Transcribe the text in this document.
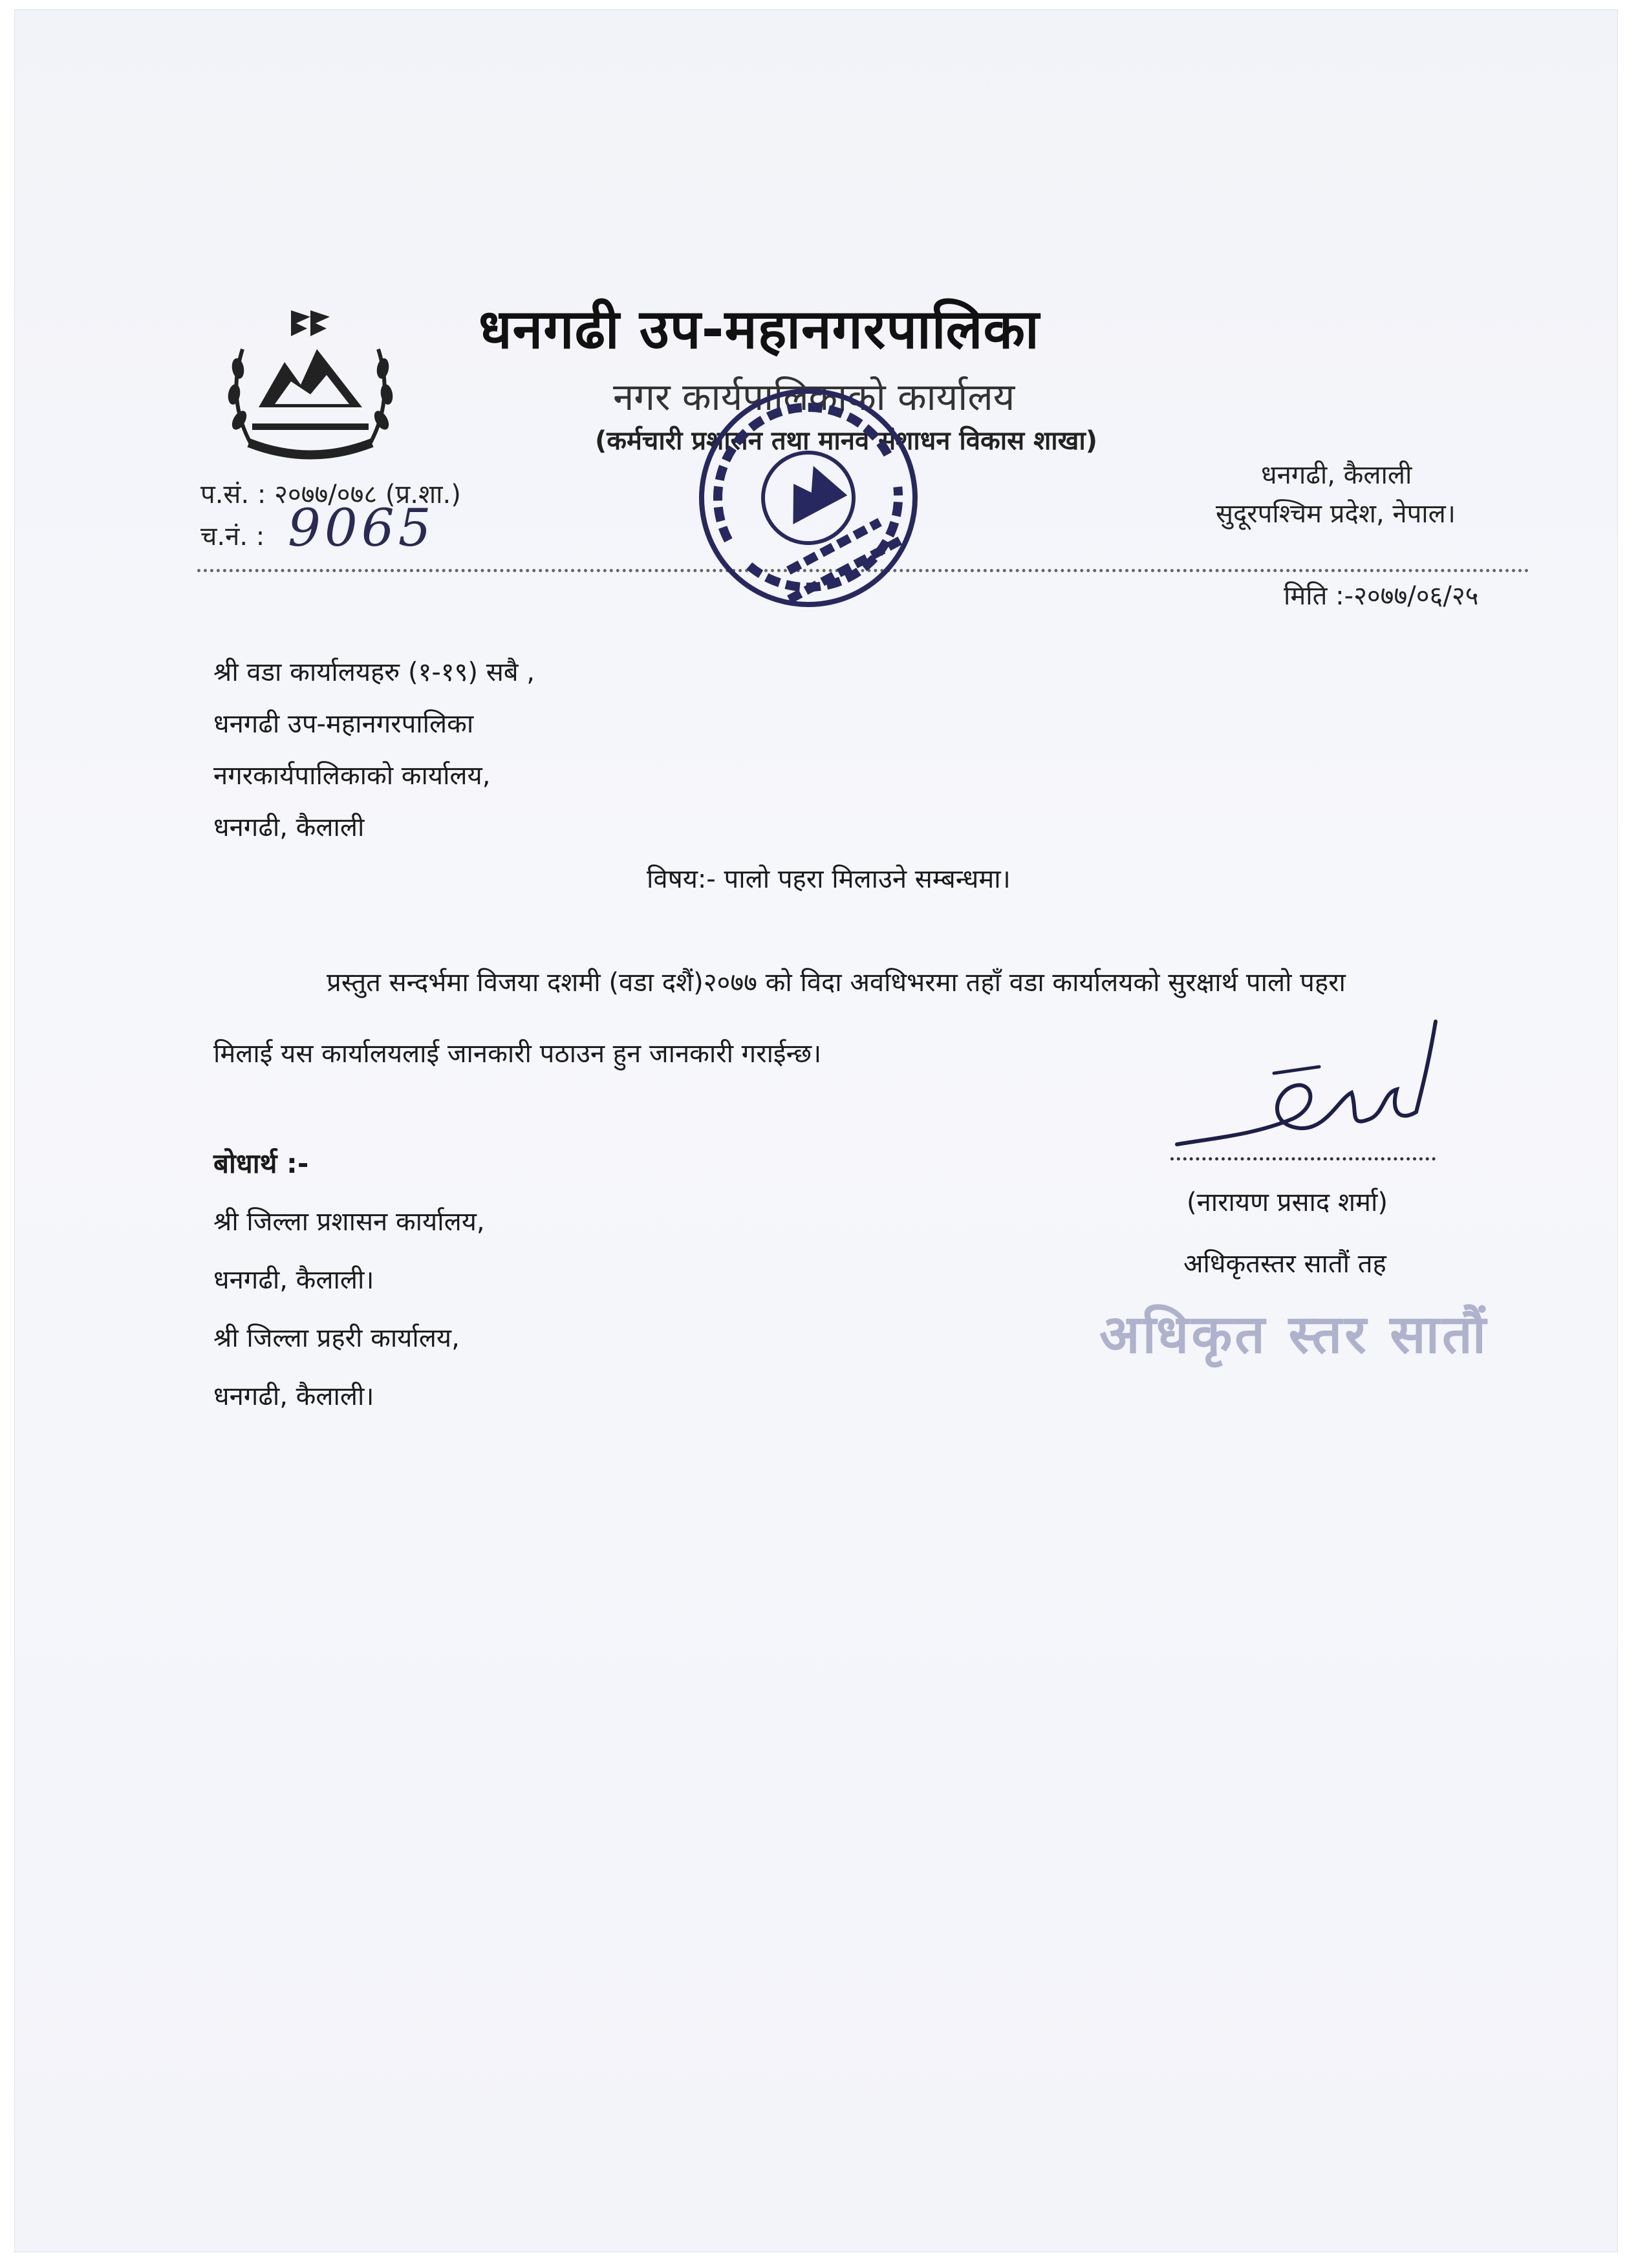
धनगढी उप-महानगरपालिका
नगर कार्यपालिकाको कार्यालय
(कर्मचारी प्रशासन तथा मानव संशाधन विकास शाखा)
प.सं. : २०७७/०७८ (प्र.शा.)
च.नं. : 9065
धनगढी, कैलाली
सुदूरपश्चिम प्रदेश, नेपाल।
मिति :-२०७७/०६/२५
श्री वडा कार्यालयहरु (१-१९) सबै ,
धनगढी उप-महानगरपालिका
नगरकार्यपालिकाको कार्यालय,
धनगढी, कैलाली
विषय:- पालो पहरा मिलाउने सम्बन्धमा।
प्रस्तुत सन्दर्भमा विजया दशमी (वडा दशैं)२०७७ को विदा अवधिभरमा तहाँ वडा कार्यालयको सुरक्षार्थ पालो पहरा
मिलाई यस कार्यालयलाई जानकारी पठाउन हुन जानकारी गराईन्छ।
बोधार्थ :-
श्री जिल्ला प्रशासन कार्यालय,
धनगढी, कैलाली।
श्री जिल्ला प्रहरी कार्यालय,
धनगढी, कैलाली।
(नारायण प्रसाद शर्मा)
अधिकृतस्तर सातौं तह
अधिकृत स्तर सातौं
